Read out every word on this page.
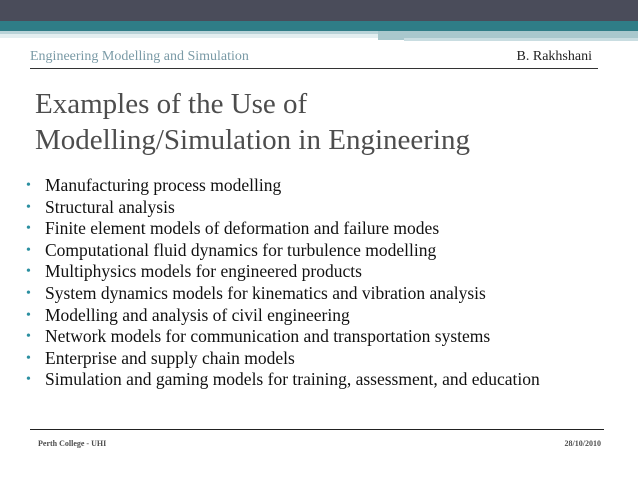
Engineering Modelling and Simulation	B. Rakhshani
Examples of the Use of
Modelling/Simulation in Engineering
• Manufacturing process modelling
• Structural analysis
• Finite element models of deformation and failure modes
• Computational fluid dynamics for turbulence modelling
• Multiphysics models for engineered products
• System dynamics models for kinematics and vibration analysis
• Modelling and analysis of civil engineering
• Network models for communication and transportation systems
• Enterprise and supply chain models
• Simulation and gaming models for training, assessment, and education
Perth College - UHI	28/10/2010
